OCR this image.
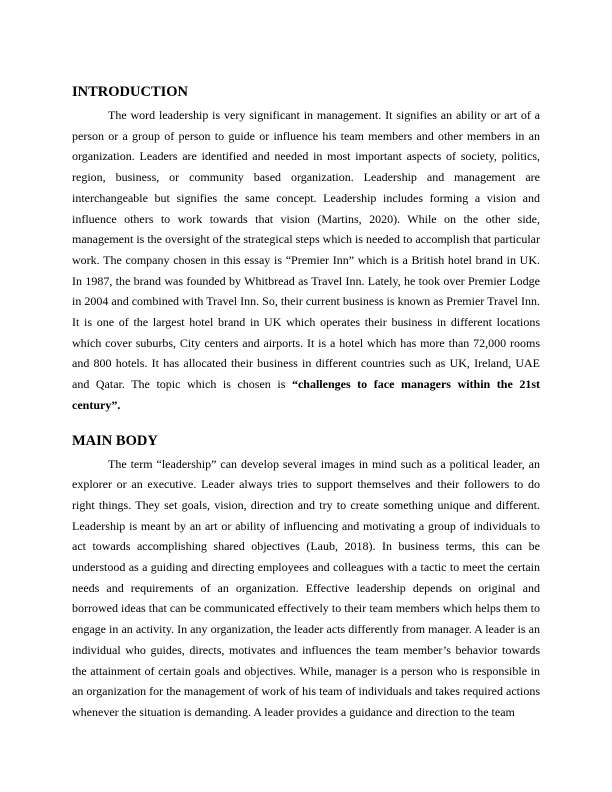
INTRODUCTION

The word leadership is very significant in management. It signifies an ability or art of a person or a group of person to guide or influence his team members and other members in an organization. Leaders are identified and needed in most important aspects of society, politics, region, business, or community based organization. Leadership and management are interchangeable but signifies the same concept. Leadership includes forming a vision and influence others to work towards that vision (Martins, 2020). While on the other side, management is the oversight of the strategical steps which is needed to accomplish that particular work. The company chosen in this essay is “Premier Inn” which is a British hotel brand in UK. In 1987, the brand was founded by Whitbread as Travel Inn. Lately, he took over Premier Lodge in 2004 and combined with Travel Inn. So, their current business is known as Premier Travel Inn. It is one of the largest hotel brand in UK which operates their business in different locations which cover suburbs, City centers and airports. It is a hotel which has more than 72,000 rooms and 800 hotels. It has allocated their business in different countries such as UK, Ireland, UAE and Qatar. The topic which is chosen is “challenges to face managers within the 21st century”.

MAIN BODY

The term “leadership” can develop several images in mind such as a political leader, an explorer or an executive. Leader always tries to support themselves and their followers to do right things. They set goals, vision, direction and try to create something unique and different. Leadership is meant by an art or ability of influencing and motivating a group of individuals to act towards accomplishing shared objectives (Laub, 2018). In business terms, this can be understood as a guiding and directing employees and colleagues with a tactic to meet the certain needs and requirements of an organization. Effective leadership depends on original and borrowed ideas that can be communicated effectively to their team members which helps them to engage in an activity. In any organization, the leader acts differently from manager. A leader is an individual who guides, directs, motivates and influences the team member’s behavior towards the attainment of certain goals and objectives. While, manager is a person who is responsible in an organization for the management of work of his team of individuals and takes required actions whenever the situation is demanding. A leader provides a guidance and direction to the team
